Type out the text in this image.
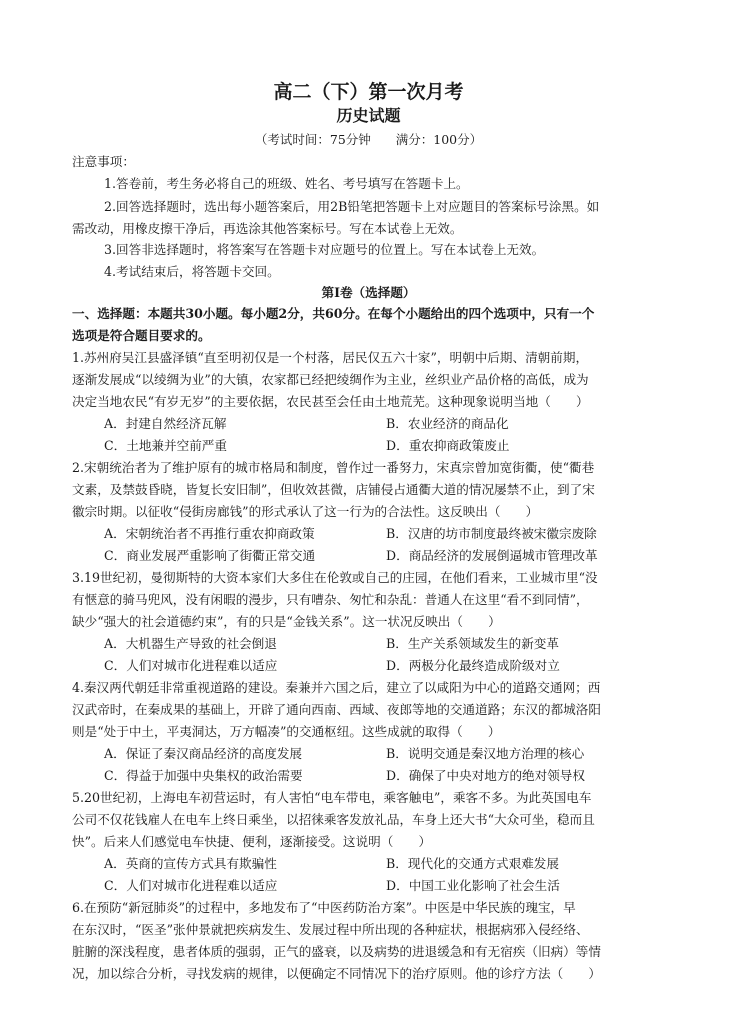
高二（下）第一次月考
历史试题
（考试时间：75分钟　　满分：100分）
注意事项：
1.答卷前，考生务必将自己的班级、姓名、考号填写在答题卡上。
2.回答选择题时，选出每小题答案后，用2B铅笔把答题卡上对应题目的答案标号涂黑。如
需改动，用橡皮擦干净后，再选涂其他答案标号。写在本试卷上无效。
3.回答非选择题时，将答案写在答题卡对应题号的位置上。写在本试卷上无效。
4.考试结束后，将答题卡交回。
第Ⅰ卷（选择题）
一、选择题：本题共30小题。每小题2分，共60分。在每个小题给出的四个选项中，只有一个
选项是符合题目要求的。
1.苏州府吴江县盛泽镇“直至明初仅是一个村落，居民仅五六十家”，明朝中后期、清朝前期，
逐渐发展成“以绫绸为业”的大镇，农家都已经把绫绸作为主业，丝织业产品价格的高低，成为
决定当地农民“有岁无岁”的主要依据，农民甚至会任由土地荒芜。这种现象说明当地（　　）
A．封建自然经济瓦解	B．农业经济的商品化
C．土地兼并空前严重	D．重农抑商政策废止
2.宋朝统治者为了维护原有的城市格局和制度，曾作过一番努力，宋真宗曾加宽街衢，使“衢巷
文素，及禁鼓昏晓，皆复长安旧制”，但收效甚微，店铺侵占通衢大道的情况屡禁不止，到了宋
徽宗时期。以征收“侵街房廊钱”的形式承认了这一行为的合法性。这反映出（　　）
A．宋朝统治者不再推行重农抑商政策	B．汉唐的坊市制度最终被宋徽宗废除
C．商业发展严重影响了街衢正常交通	D．商品经济的发展倒逼城市管理改革
3.19世纪初，曼彻斯特的大资本家们大多住在伦敦或自己的庄园，在他们看来，工业城市里“没
有惬意的骑马兜风，没有闲暇的漫步，只有嘈杂、匆忙和杂乱：普通人在这里“看不到同情”，
缺少“强大的社会道德约束”，有的只是“金钱关系”。这一状况反映出（　　）
A．大机器生产导致的社会倒退	B．生产关系领域发生的新变革
C．人们对城市化进程难以适应	D．两极分化最终造成阶级对立
4.秦汉两代朝廷非常重视道路的建设。秦兼并六国之后，建立了以咸阳为中心的道路交通网；西
汉武帝时，在秦成果的基础上，开辟了通向西南、西域、夜郎等地的交通道路；东汉的都城洛阳
则是“处于中土，平夷洞达，万方幅凑”的交通枢纽。这些成就的取得（　　）
A．保证了秦汉商品经济的高度发展	B．说明交通是秦汉地方治理的核心
C．得益于加强中央集权的政治需要	D．确保了中央对地方的绝对领导权
5.20世纪初，上海电车初营运时，有人害怕“电车带电，乘客触电”，乘客不多。为此英国电车
公司不仅花钱雇人在电车上终日乘坐，以招徕乘客发放礼品，车身上还大书“大众可坐，稳而且
快”。后来人们感觉电车快捷、便利，逐渐接受。这说明（　　）
A．英商的宣传方式具有欺骗性	B．现代化的交通方式艰难发展
C．人们对城市化进程难以适应	D．中国工业化影响了社会生活
6.在预防“新冠肺炎”的过程中，多地发布了“中医药防治方案”。中医是中华民族的瑰宝，早
在东汉时，“医圣”张仲景就把疾病发生、发展过程中所出现的各种症状，根据病邪入侵经络、
脏腑的深浅程度，患者体质的强弱，正气的盛衰，以及病势的进退缓急和有无宿疾（旧病）等情
况，加以综合分析，寻找发病的规律，以便确定不同情况下的治疗原则。他的诊疗方法（　　）
